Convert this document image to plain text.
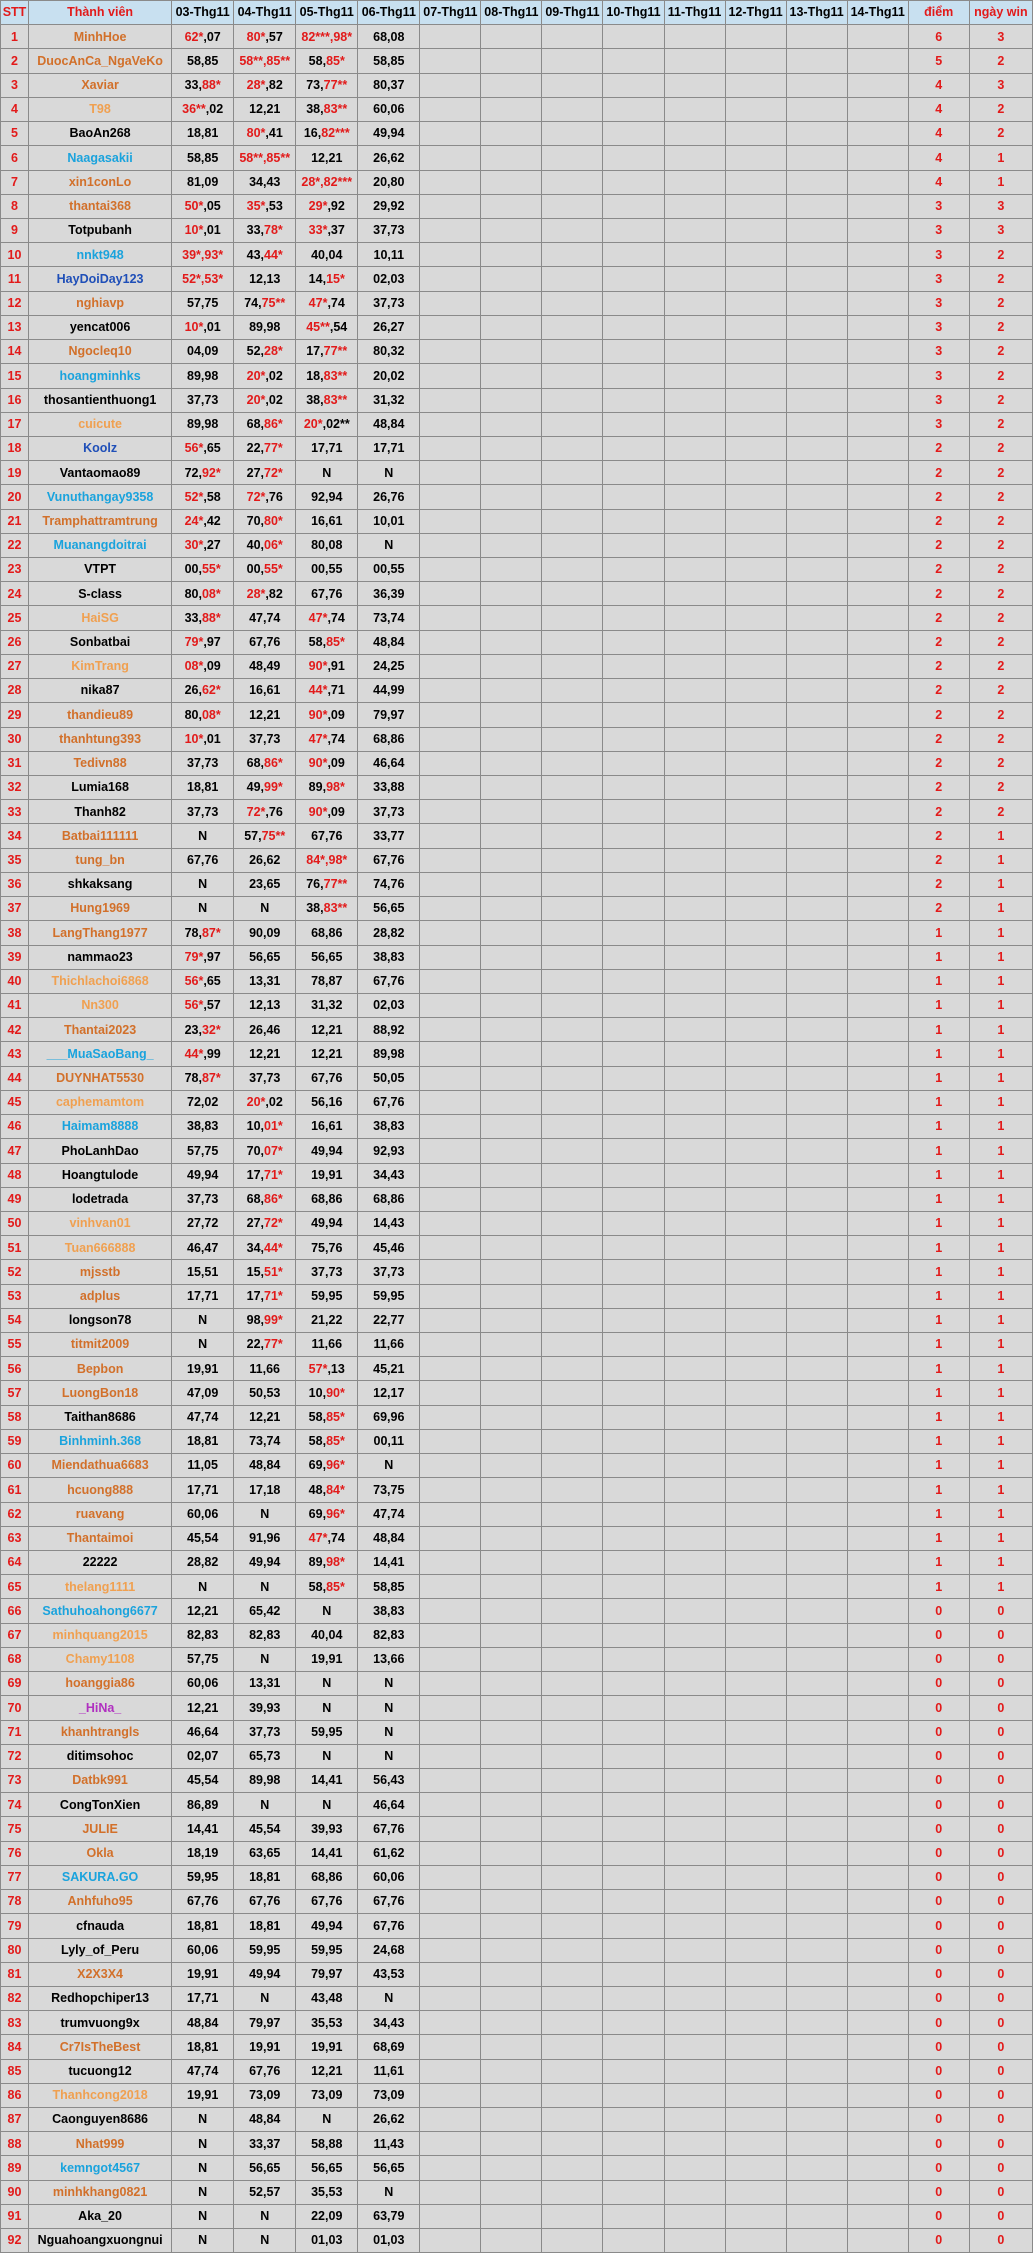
STT	Thành viên	03-Thg11	04-Thg11	05-Thg11	06-Thg11	07-Thg11	08-Thg11	09-Thg11	10-Thg11	11-Thg11	12-Thg11	13-Thg11	14-Thg11	điểm	ngày win
1	MinhHoe	62*,07	80*,57	82***,98*	68,08									6	3
2	DuocAnCa_NgaVeKo	58,85	58**,85**	58,85*	58,85									5	2
3	Xaviar	33,88*	28*,82	73,77**	80,37									4	3
4	T98	36**,02	12,21	38,83**	60,06									4	2
5	BaoAn268	18,81	80*,41	16,82***	49,94									4	2
6	Naagasakii	58,85	58**,85**	12,21	26,62									4	1
7	xin1conLo	81,09	34,43	28*,82***	20,80									4	1
8	thantai368	50*,05	35*,53	29*,92	29,92									3	3
9	Totpubanh	10*,01	33,78*	33*,37	37,73									3	3
10	nnkt948	39*,93*	43,44*	40,04	10,11									3	2
11	HayDoiDay123	52*,53*	12,13	14,15*	02,03									3	2
12	nghiavp	57,75	74,75**	47*,74	37,73									3	2
13	yencat006	10*,01	89,98	45**,54	26,27									3	2
14	Ngocleq10	04,09	52,28*	17,77**	80,32									3	2
15	hoangminhks	89,98	20*,02	18,83**	20,02									3	2
16	thosantienthuong1	37,73	20*,02	38,83**	31,32									3	2
17	cuicute	89,98	68,86*	20*,02**	48,84									3	2
18	Koolz	56*,65	22,77*	17,71	17,71									2	2
19	Vantaomao89	72,92*	27,72*	N	N									2	2
20	Vunuthangay9358	52*,58	72*,76	92,94	26,76									2	2
21	Tramphattramtrung	24*,42	70,80*	16,61	10,01									2	2
22	Muanangdoitrai	30*,27	40,06*	80,08	N									2	2
23	VTPT	00,55*	00,55*	00,55	00,55									2	2
24	S-class	80,08*	28*,82	67,76	36,39									2	2
25	HaiSG	33,88*	47,74	47*,74	73,74									2	2
26	Sonbatbai	79*,97	67,76	58,85*	48,84									2	2
27	KimTrang	08*,09	48,49	90*,91	24,25									2	2
28	nika87	26,62*	16,61	44*,71	44,99									2	2
29	thandieu89	80,08*	12,21	90*,09	79,97									2	2
30	thanhtung393	10*,01	37,73	47*,74	68,86									2	2
31	Tedivn88	37,73	68,86*	90*,09	46,64									2	2
32	Lumia168	18,81	49,99*	89,98*	33,88									2	2
33	Thanh82	37,73	72*,76	90*,09	37,73									2	2
34	Batbai111111	N	57,75**	67,76	33,77									2	1
35	tung_bn	67,76	26,62	84*,98*	67,76									2	1
36	shkaksang	N	23,65	76,77**	74,76									2	1
37	Hung1969	N	N	38,83**	56,65									2	1
38	LangThang1977	78,87*	90,09	68,86	28,82									1	1
39	nammao23	79*,97	56,65	56,65	38,83									1	1
40	Thichlachoi6868	56*,65	13,31	78,87	67,76									1	1
41	Nn300	56*,57	12,13	31,32	02,03									1	1
42	Thantai2023	23,32*	26,46	12,21	88,92									1	1
43	___MuaSaoBang_	44*,99	12,21	12,21	89,98									1	1
44	DUYNHAT5530	78,87*	37,73	67,76	50,05									1	1
45	caphemamtom	72,02	20*,02	56,16	67,76									1	1
46	Haimam8888	38,83	10,01*	16,61	38,83									1	1
47	PhoLanhDao	57,75	70,07*	49,94	92,93									1	1
48	Hoangtulode	49,94	17,71*	19,91	34,43									1	1
49	lodetrada	37,73	68,86*	68,86	68,86									1	1
50	vinhvan01	27,72	27,72*	49,94	14,43									1	1
51	Tuan666888	46,47	34,44*	75,76	45,46									1	1
52	mjsstb	15,51	15,51*	37,73	37,73									1	1
53	adplus	17,71	17,71*	59,95	59,95									1	1
54	longson78	N	98,99*	21,22	22,77									1	1
55	titmit2009	N	22,77*	11,66	11,66									1	1
56	Bepbon	19,91	11,66	57*,13	45,21									1	1
57	LuongBon18	47,09	50,53	10,90*	12,17									1	1
58	Taithan8686	47,74	12,21	58,85*	69,96									1	1
59	Binhminh.368	18,81	73,74	58,85*	00,11									1	1
60	Miendathua6683	11,05	48,84	69,96*	N									1	1
61	hcuong888	17,71	17,18	48,84*	73,75									1	1
62	ruavang	60,06	N	69,96*	47,74									1	1
63	Thantaimoi	45,54	91,96	47*,74	48,84									1	1
64	22222	28,82	49,94	89,98*	14,41									1	1
65	thelang1111	N	N	58,85*	58,85									1	1
66	Sathuhoahong6677	12,21	65,42	N	38,83									0	0
67	minhquang2015	82,83	82,83	40,04	82,83									0	0
68	Chamy1108	57,75	N	19,91	13,66									0	0
69	hoanggia86	60,06	13,31	N	N									0	0
70	_HiNa_	12,21	39,93	N	N									0	0
71	khanhtrangls	46,64	37,73	59,95	N									0	0
72	ditimsohoc	02,07	65,73	N	N									0	0
73	Datbk991	45,54	89,98	14,41	56,43									0	0
74	CongTonXien	86,89	N	N	46,64									0	0
75	JULIE	14,41	45,54	39,93	67,76									0	0
76	Okla	18,19	63,65	14,41	61,62									0	0
77	SAKURA.GO	59,95	18,81	68,86	60,06									0	0
78	Anhfuho95	67,76	67,76	67,76	67,76									0	0
79	cfnauda	18,81	18,81	49,94	67,76									0	0
80	Lyly_of_Peru	60,06	59,95	59,95	24,68									0	0
81	X2X3X4	19,91	49,94	79,97	43,53									0	0
82	Redhopchiper13	17,71	N	43,48	N									0	0
83	trumvuong9x	48,84	79,97	35,53	34,43									0	0
84	Cr7IsTheBest	18,81	19,91	19,91	68,69									0	0
85	tucuong12	47,74	67,76	12,21	11,61									0	0
86	Thanhcong2018	19,91	73,09	73,09	73,09									0	0
87	Caonguyen8686	N	48,84	N	26,62									0	0
88	Nhat999	N	33,37	58,88	11,43									0	0
89	kemngot4567	N	56,65	56,65	56,65									0	0
90	minhkhang0821	N	52,57	35,53	N									0	0
91	Aka_20	N	N	22,09	63,79									0	0
92	Nguahoangxuongnui	N	N	01,03	01,03									0	0
